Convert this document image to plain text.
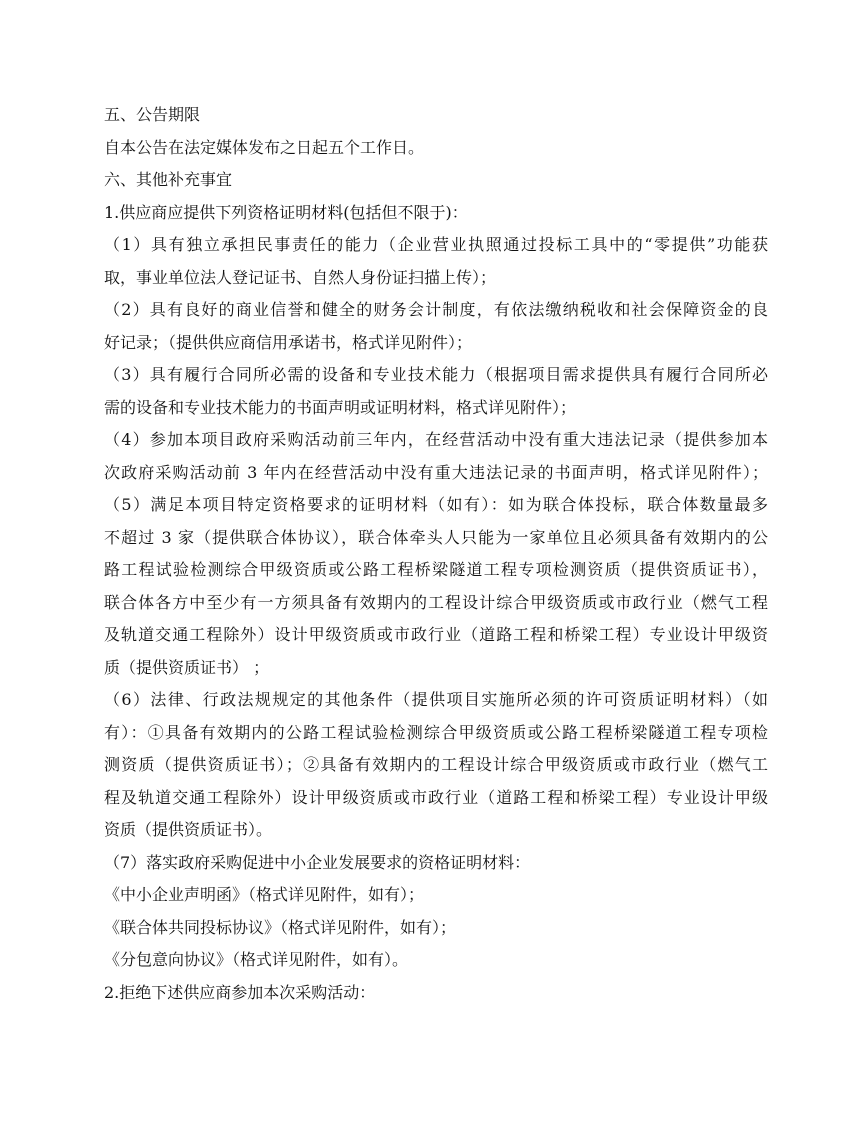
五、公告期限
自本公告在法定媒体发布之日起五个工作日。
六、其他补充事宜
1.供应商应提供下列资格证明材料(包括但不限于)：
（1）具有独立承担民事责任的能力（企业营业执照通过投标工具中的“零提供”功能获
取，事业单位法人登记证书、自然人身份证扫描上传）；
（2）具有良好的商业信誉和健全的财务会计制度，有依法缴纳税收和社会保障资金的良
好记录；（提供供应商信用承诺书，格式详见附件）；
（3）具有履行合同所必需的设备和专业技术能力（根据项目需求提供具有履行合同所必
需的设备和专业技术能力的书面声明或证明材料，格式详见附件）；
（4）参加本项目政府采购活动前三年内，在经营活动中没有重大违法记录（提供参加本
次政府采购活动前 3 年内在经营活动中没有重大违法记录的书面声明，格式详见附件）；
（5）满足本项目特定资格要求的证明材料（如有）：如为联合体投标，联合体数量最多
不超过 3 家（提供联合体协议），联合体牵头人只能为一家单位且必须具备有效期内的公
路工程试验检测综合甲级资质或公路工程桥梁隧道工程专项检测资质（提供资质证书），
联合体各方中至少有一方须具备有效期内的工程设计综合甲级资质或市政行业（燃气工程
及轨道交通工程除外）设计甲级资质或市政行业（道路工程和桥梁工程）专业设计甲级资
质（提供资质证书） ；
（6）法律、行政法规规定的其他条件（提供项目实施所必须的许可资质证明材料）（如
有）：①具备有效期内的公路工程试验检测综合甲级资质或公路工程桥梁隧道工程专项检
测资质（提供资质证书）；②具备有效期内的工程设计综合甲级资质或市政行业（燃气工
程及轨道交通工程除外）设计甲级资质或市政行业（道路工程和桥梁工程）专业设计甲级
资质（提供资质证书）。
（7）落实政府采购促进中小企业发展要求的资格证明材料：
《中小企业声明函》（格式详见附件，如有）；
《联合体共同投标协议》（格式详见附件，如有）；
《分包意向协议》（格式详见附件，如有）。
2.拒绝下述供应商参加本次采购活动：
